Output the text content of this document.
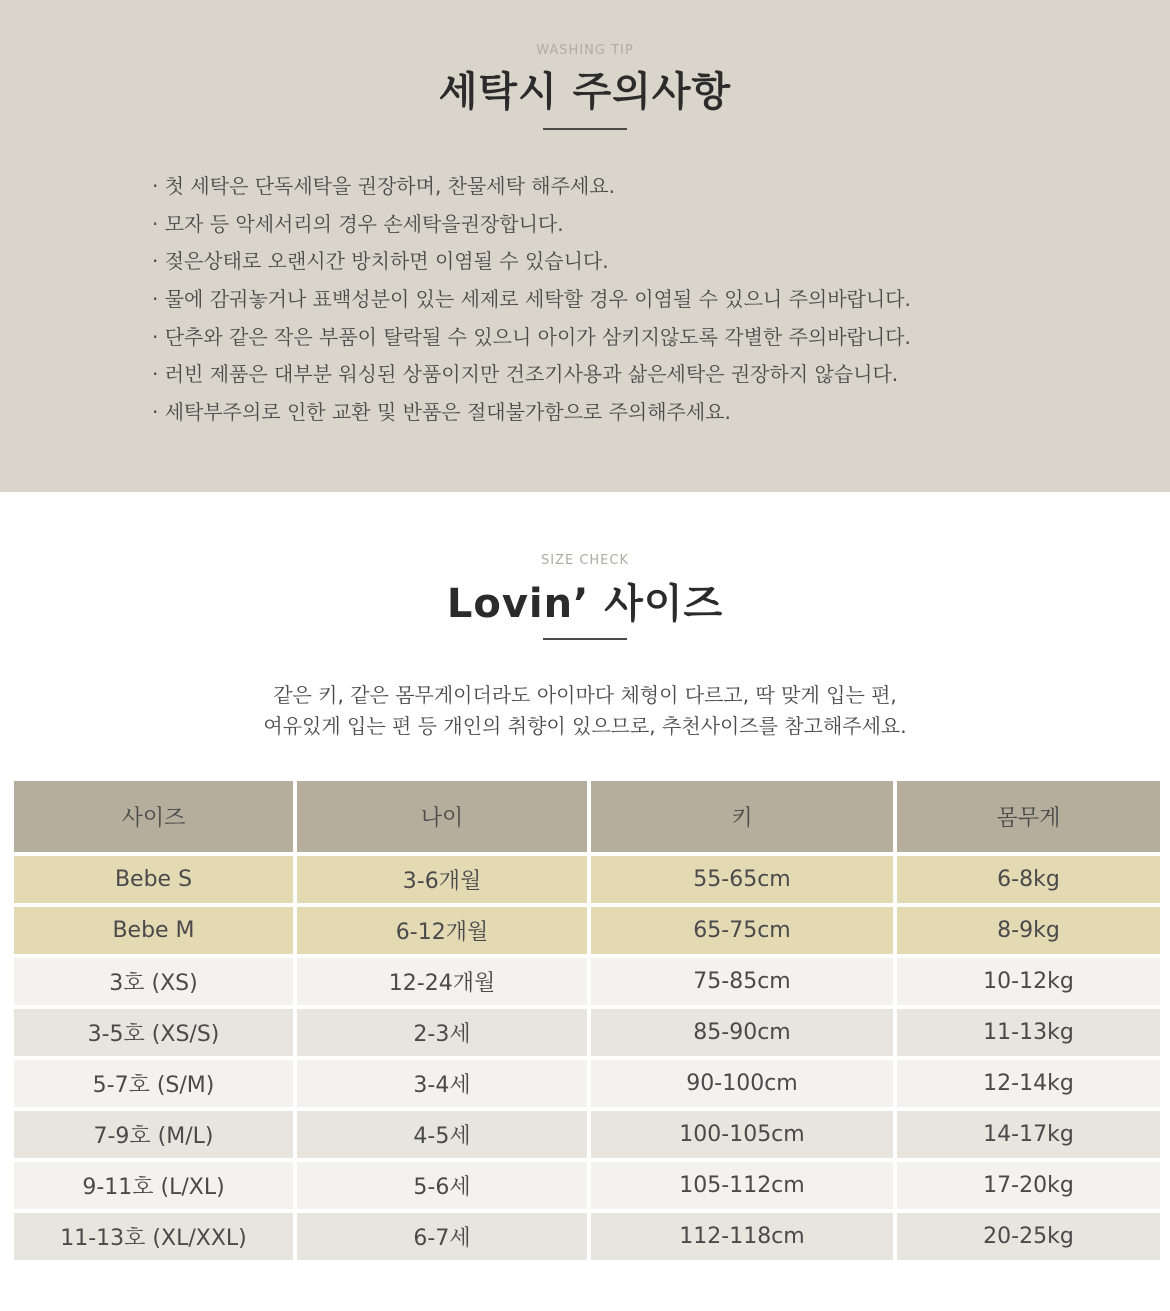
WASHING TIP
세탁시 주의사항
· 첫 세탁은 단독세탁을 권장하며, 찬물세탁 해주세요.
· 모자 등 악세서리의 경우 손세탁을권장합니다.
· 젖은상태로 오랜시간 방치하면 이염될 수 있습니다.
· 물에 감궈놓거나 표백성분이 있는 세제로 세탁할 경우 이염될 수 있으니 주의바랍니다.
· 단추와 같은 작은 부품이 탈락될 수 있으니 아이가 삼키지않도록 각별한 주의바랍니다.
· 러빈 제품은 대부분 워싱된 상품이지만 건조기사용과 삶은세탁은 권장하지 않습니다.
· 세탁부주의로 인한 교환 및 반품은 절대불가함으로 주의해주세요.
SIZE CHECK
Lovin’ 사이즈
같은 키, 같은 몸무게이더라도 아이마다 체형이 다르고, 딱 맞게 입는 편,
여유있게 입는 편 등 개인의 취향이 있으므로, 추천사이즈를 참고해주세요.
사이즈	나이	키	몸무게
Bebe S	3-6개월	55-65cm	6-8kg
Bebe M	6-12개월	65-75cm	8-9kg
3호 (XS)	12-24개월	75-85cm	10-12kg
3-5호 (XS/S)	2-3세	85-90cm	11-13kg
5-7호 (S/M)	3-4세	90-100cm	12-14kg
7-9호 (M/L)	4-5세	100-105cm	14-17kg
9-11호 (L/XL)	5-6세	105-112cm	17-20kg
11-13호 (XL/XXL)	6-7세	112-118cm	20-25kg
